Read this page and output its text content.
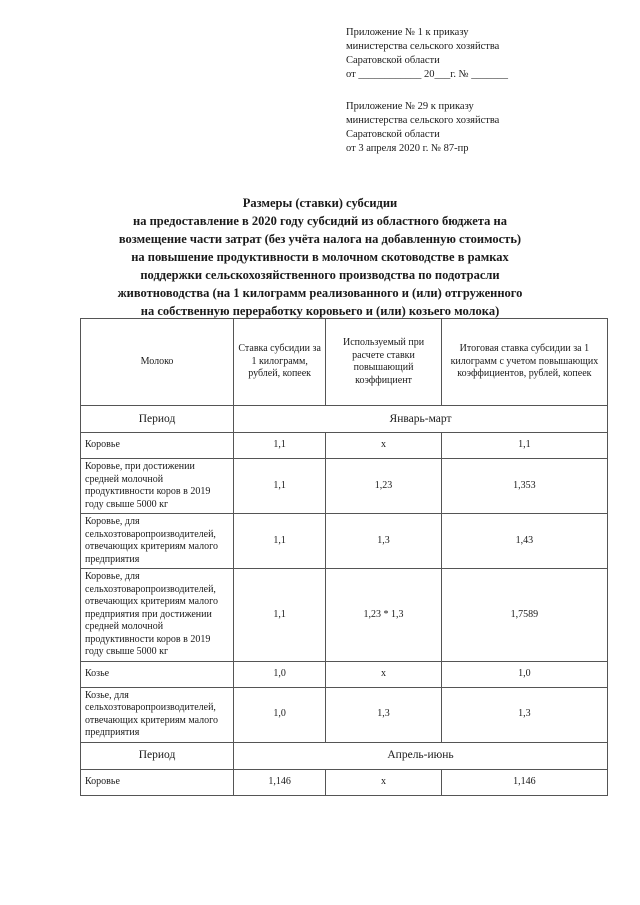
Приложение № 1 к приказу
министерства сельского хозяйства
Саратовской области
от ____________ 20___г. № _______
Приложение № 29 к приказу
министерства сельского хозяйства
Саратовской области
от 3 апреля 2020 г. № 87-пр
Размеры (ставки) субсидии
на предоставление в 2020 году субсидий из областного бюджета на
возмещение части затрат (без учёта налога на добавленную стоимость)
на повышение продуктивности в молочном скотоводстве в рамках
поддержки сельскохозяйственного производства по подотрасли
животноводства (на 1 килограмм реализованного и (или) отгруженного
на собственную переработку коровьего и (или) козьего молока)
Молоко	Ставка субсидии за 1 килограмм, рублей, копеек	Используемый при расчете ставки повышающий коэффициент	Итоговая ставка субсидии за 1 килограмм с учетом повышающих коэффициентов, рублей, копеек
Период	Январь-март		
Коровье	1,1	x	1,1
Коровье, при достижении средней молочной продуктивности коров в 2019 году свыше 5000 кг	1,1	1,23	1,353
Коровье, для сельхозтоваропроизводителей, отвечающих критериям малого предприятия	1,1	1,3	1,43
Коровье, для сельхозтоваропроизводителей, отвечающих критериям малого предприятия при достижении средней молочной продуктивности коров в 2019 году свыше 5000 кг	1,1	1,23 * 1,3	1,7589
Козье	1,0	x	1,0
Козье, для сельхозтоваропроизводителей, отвечающих критериям малого предприятия	1,0	1,3	1,3
Период	Апрель-июнь		
Коровье	1,146	x	1,146
